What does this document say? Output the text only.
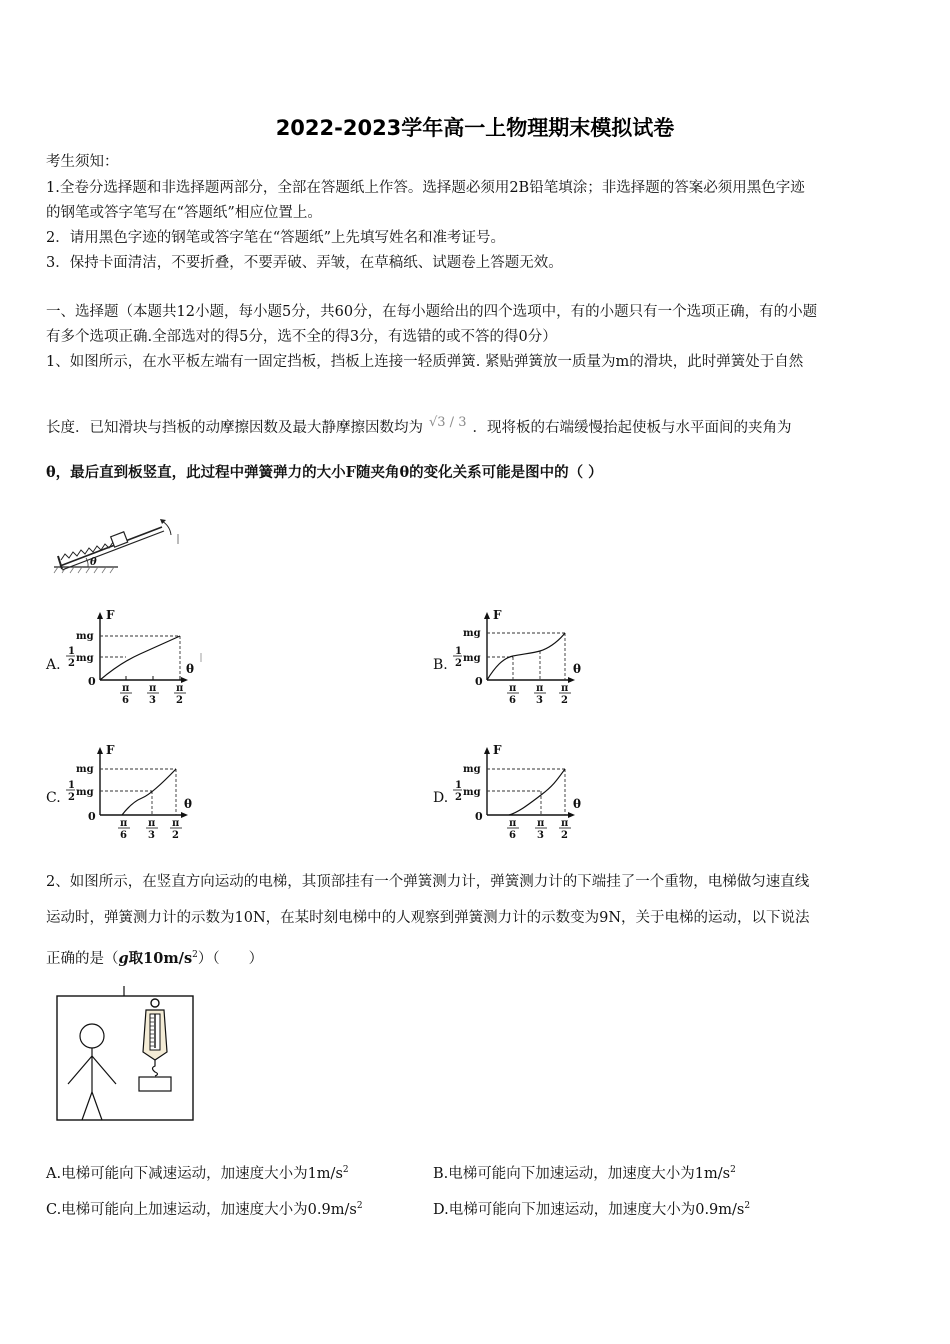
2022-2023学年高一上物理期末模拟试卷
考生须知：
1.全卷分选择题和非选择题两部分，全部在答题纸上作答。选择题必须用2B铅笔填涂；非选择题的答案必须用黑色字迹
的钢笔或答字笔写在“答题纸”相应位置上。
2．请用黑色字迹的钢笔或答字笔在“答题纸”上先填写姓名和准考证号。
3．保持卡面清洁，不要折叠，不要弄破、弄皱，在草稿纸、试题卷上答题无效。
一、选择题（本题共12小题，每小题5分，共60分，在每小题给出的四个选项中，有的小题只有一个选项正确，有的小题
有多个选项正确.全部选对的得5分，选不全的得3分，有选错的或不答的得0分）
1、如图所示，在水平板左端有一固定挡板，挡板上连接一轻质弹簧. 紧贴弹簧放一质量为m的滑块，此时弹簧处于自然
长度．已知滑块与挡板的动摩擦因数及最大静摩擦因数均为 √3 / 3 ．现将板的右端缓慢抬起使板与水平面间的夹角为
θ，最后直到板竖直，此过程中弹簧弹力的大小F随夹角θ的变化关系可能是图中的（ ）
θ
A.
F
mg
1
2 mg
0
θ
π
6
π
3
π
2
B.
F
mg
1
2 mg
0
θ
π
6
π
3
π
2
C.
F
mg
1
2 mg
0
θ
π
6
π
3
π
2
D.
F
mg
1
2 mg
0
θ
π
6
π
3
π
2
2、如图所示，在竖直方向运动的电梯，其顶部挂有一个弹簧测力计，弹簧测力计的下端挂了一个重物，电梯做匀速直线
运动时，弹簧测力计的示数为10N，在某时刻电梯中的人观察到弹簧测力计的示数变为9N，关于电梯的运动，以下说法
正确的是（g取$10m/s^2$）（　　）
A.电梯可能向下减速运动，加速度大小为$1m/s^2$	B.电梯可能向下加速运动，加速度大小为$1m/s^2$
C.电梯可能向上加速运动，加速度大小为$0.9m/s^2$	D.电梯可能向下加速运动，加速度大小为$0.9m/s^2$
